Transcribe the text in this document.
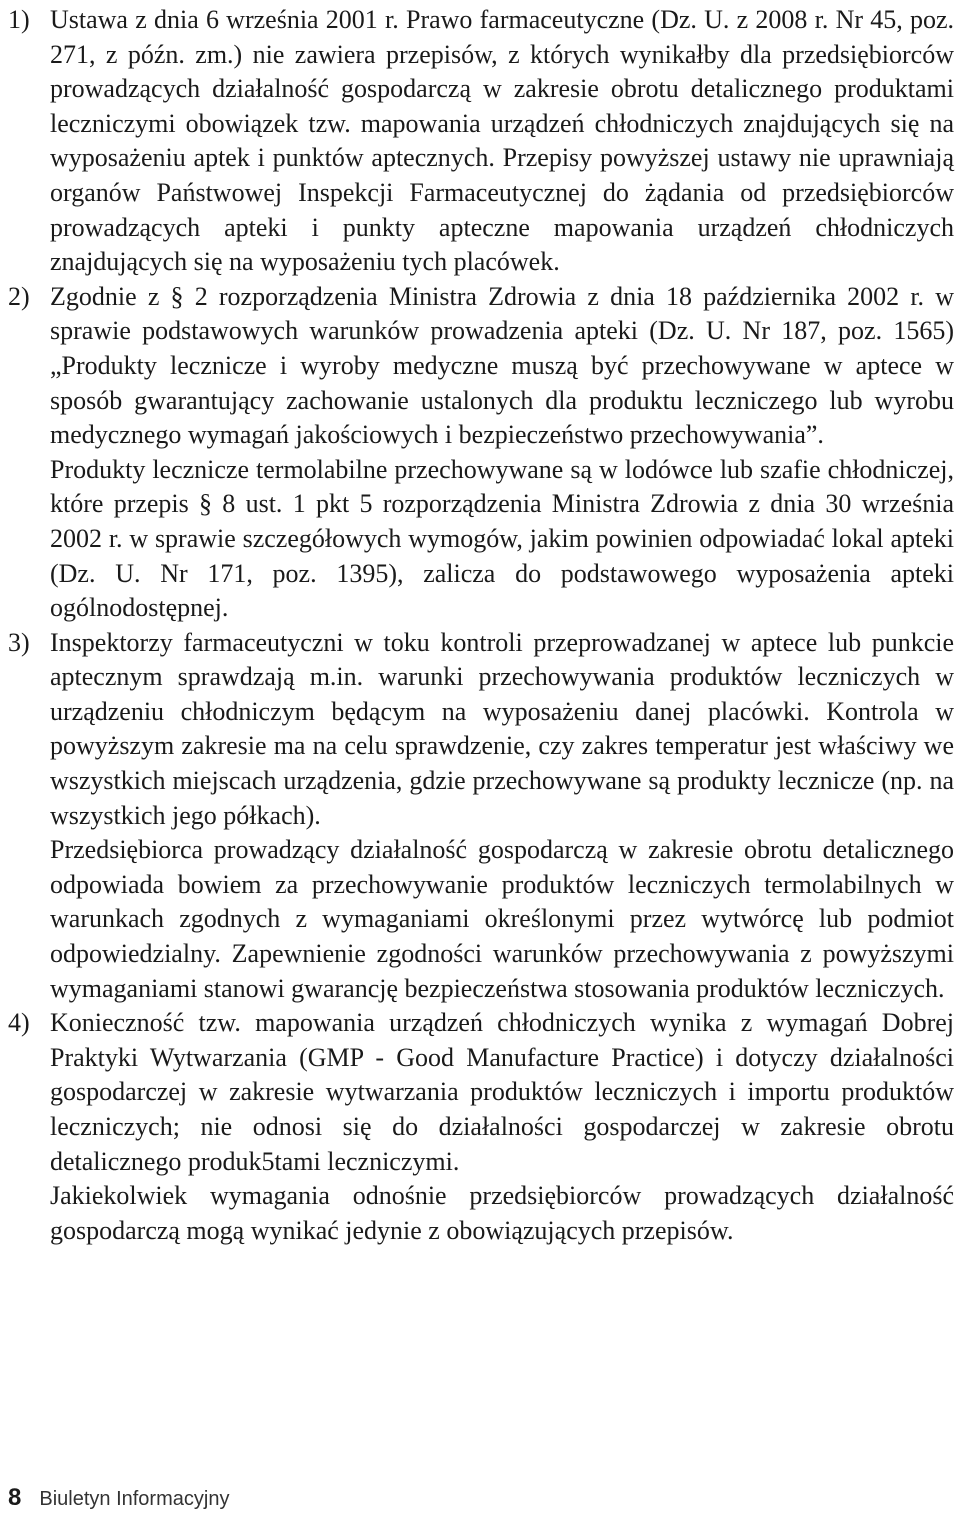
1) Ustawa z dnia 6 września 2001 r. Prawo farmaceutyczne (Dz. U. z 2008 r. Nr 45, poz. 271, z późn. zm.) nie zawiera przepisów, z których wynikałby dla przedsiębiorców prowadzących działalność gospodarczą w zakresie obrotu detalicznego produktami leczniczymi obowiązek tzw. mapowania urządzeń chłodniczych znajdujących się na wyposażeniu aptek i punktów aptecznych. Przepisy powyższej ustawy nie uprawniają organów Państwowej Inspekcji Farmaceutycznej do żądania od przedsiębiorców prowadzących apteki i punkty apteczne mapowania urządzeń chłodniczych znajdujących się na wyposażeniu tych placówek.

2) Zgodnie z § 2 rozporządzenia Ministra Zdrowia z dnia 18 października 2002 r. w sprawie podstawowych warunków prowadzenia apteki (Dz. U. Nr 187, poz. 1565) „Produkty lecznicze i wyroby medyczne muszą być przechowywane w aptece w sposób gwarantujący zachowanie ustalonych dla produktu leczniczego lub wyrobu medycznego wymagań jakościowych i bezpieczeństwo przechowywania”.

Produkty lecznicze termolabilne przechowywane są w lodówce lub szafie chłodniczej, które przepis § 8 ust. 1 pkt 5 rozporządzenia Ministra Zdrowia z dnia 30 września 2002 r. w sprawie szczegółowych wymogów, jakim powinien odpowiadać lokal apteki (Dz. U. Nr 171, poz. 1395), zalicza do podstawowego wyposażenia apteki ogólnodostępnej.

3) Inspektorzy farmaceutyczni w toku kontroli przeprowadzanej w aptece lub punkcie aptecznym sprawdzają m.in. warunki przechowywania produktów leczniczych w urządzeniu chłodniczym będącym na wyposażeniu danej placówki. Kontrola w powyższym zakresie ma na celu sprawdzenie, czy zakres temperatur jest właściwy we wszystkich miejscach urządzenia, gdzie przechowywane są produkty lecznicze (np. na wszystkich jego półkach).

Przedsiębiorca prowadzący działalność gospodarczą w zakresie obrotu detalicznego odpowiada bowiem za przechowywanie produktów leczniczych termolabilnych w warunkach zgodnych z wymaganiami określonymi przez wytwórcę lub podmiot odpowiedzialny. Zapewnienie zgodności warunków przechowywania z powyższymi wymaganiami stanowi gwarancję bezpieczeństwa stosowania produktów leczniczych.

4) Konieczność tzw. mapowania urządzeń chłodniczych wynika z wymagań Dobrej Praktyki Wytwarzania (GMP - Good Manufacture Practice) i dotyczy działalności gospodarczej w zakresie wytwarzania produktów leczniczych i importu produktów leczniczych; nie odnosi się do działalności gospodarczej w zakresie obrotu detalicznego produk5tami leczniczymi.

Jakiekolwiek wymagania odnośnie przedsiębiorców prowadzących działalność gospodarczą mogą wynikać jedynie z obowiązujących przepisów.

8 Biuletyn Informacyjny
